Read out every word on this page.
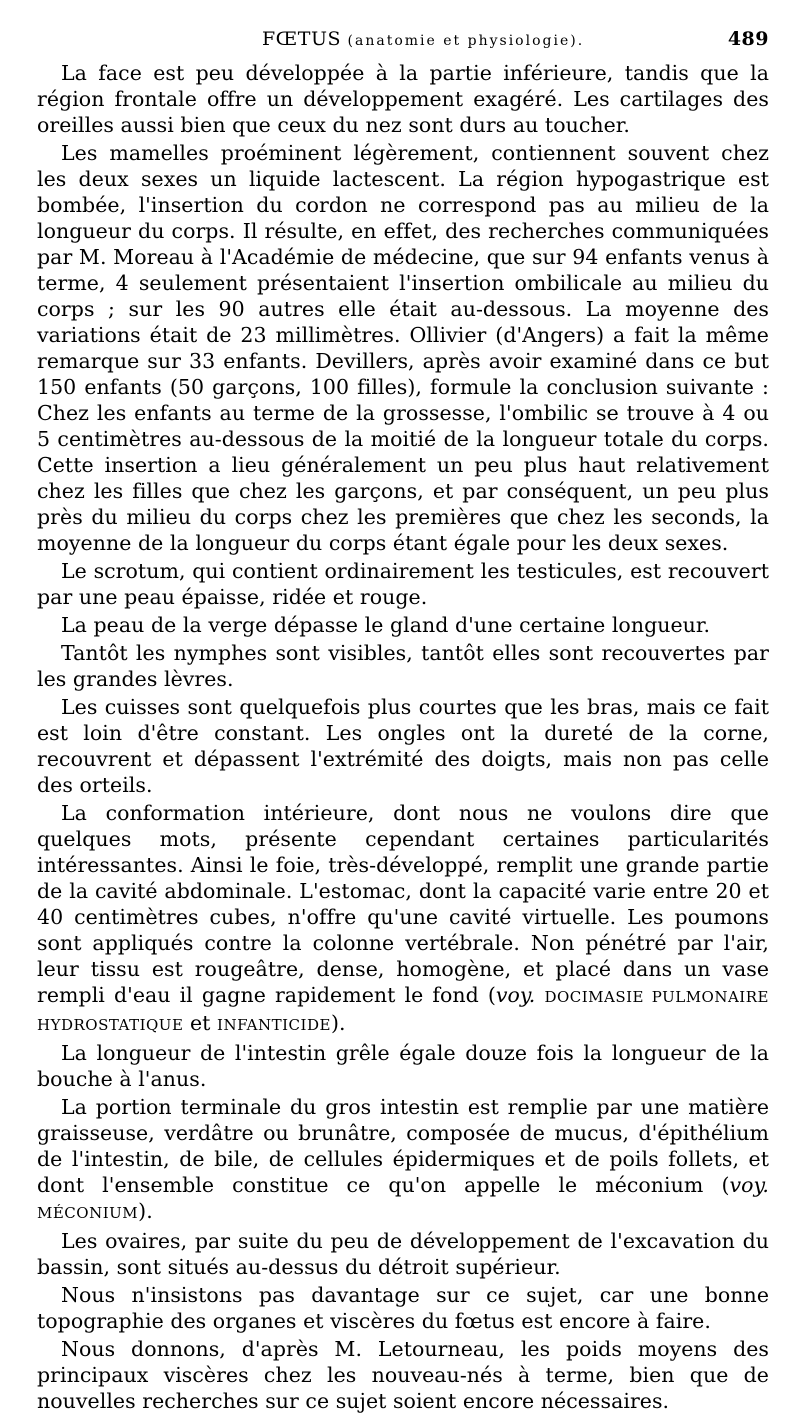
FŒTUS (anatomie et physiologie).	489

La face est peu développée à la partie inférieure, tandis que la région frontale offre un développement exagéré. Les cartilages des oreilles aussi bien que ceux du nez sont durs au toucher.

Les mamelles proéminent légèrement, contiennent souvent chez les deux sexes un liquide lactescent. La région hypogastrique est bombée, l'insertion du cordon ne correspond pas au milieu de la longueur du corps. Il résulte, en effet, des recherches communiquées par M. Moreau à l'Académie de médecine, que sur 94 enfants venus à terme, 4 seulement présentaient l'insertion ombilicale au milieu du corps ; sur les 90 autres elle était au-dessous. La moyenne des variations était de 23 millimètres. Ollivier (d'Angers) a fait la même remarque sur 33 enfants. Devillers, après avoir examiné dans ce but 150 enfants (50 garçons, 100 filles), formule la conclusion suivante : Chez les enfants au terme de la grossesse, l'ombilic se trouve à 4 ou 5 centimètres au-dessous de la moitié de la longueur totale du corps. Cette insertion a lieu généralement un peu plus haut relativement chez les filles que chez les garçons, et par conséquent, un peu plus près du milieu du corps chez les premières que chez les seconds, la moyenne de la longueur du corps étant égale pour les deux sexes.

Le scrotum, qui contient ordinairement les testicules, est recouvert par une peau épaisse, ridée et rouge.

La peau de la verge dépasse le gland d'une certaine longueur.

Tantôt les nymphes sont visibles, tantôt elles sont recouvertes par les grandes lèvres.

Les cuisses sont quelquefois plus courtes que les bras, mais ce fait est loin d'être constant. Les ongles ont la dureté de la corne, recouvrent et dépassent l'extrémité des doigts, mais non pas celle des orteils.

La conformation intérieure, dont nous ne voulons dire que quelques mots, présente cependant certaines particularités intéressantes. Ainsi le foie, très-développé, remplit une grande partie de la cavité abdominale. L'estomac, dont la capacité varie entre 20 et 40 centimètres cubes, n'offre qu'une cavité virtuelle. Les poumons sont appliqués contre la colonne vertébrale. Non pénétré par l'air, leur tissu est rougeâtre, dense, homogène, et placé dans un vase rempli d'eau il gagne rapidement le fond (voy. DOCIMASIE PULMONAIRE HYDROSTATIQUE et INFANTICIDE).

La longueur de l'intestin grêle égale douze fois la longueur de la bouche à l'anus.

La portion terminale du gros intestin est remplie par une matière graisseuse, verdâtre ou brunâtre, composée de mucus, d'épithélium de l'intestin, de bile, de cellules épidermiques et de poils follets, et dont l'ensemble constitue ce qu'on appelle le méconium (voy. MÉCONIUM).

Les ovaires, par suite du peu de développement de l'excavation du bassin, sont situés au-dessus du détroit supérieur.

Nous n'insistons pas davantage sur ce sujet, car une bonne topographie des organes et viscères du fœtus est encore à faire.

Nous donnons, d'après M. Letourneau, les poids moyens des principaux viscères chez les nouveau-nés à terme, bien que de nouvelles recherches sur ce sujet soient encore nécessaires.
